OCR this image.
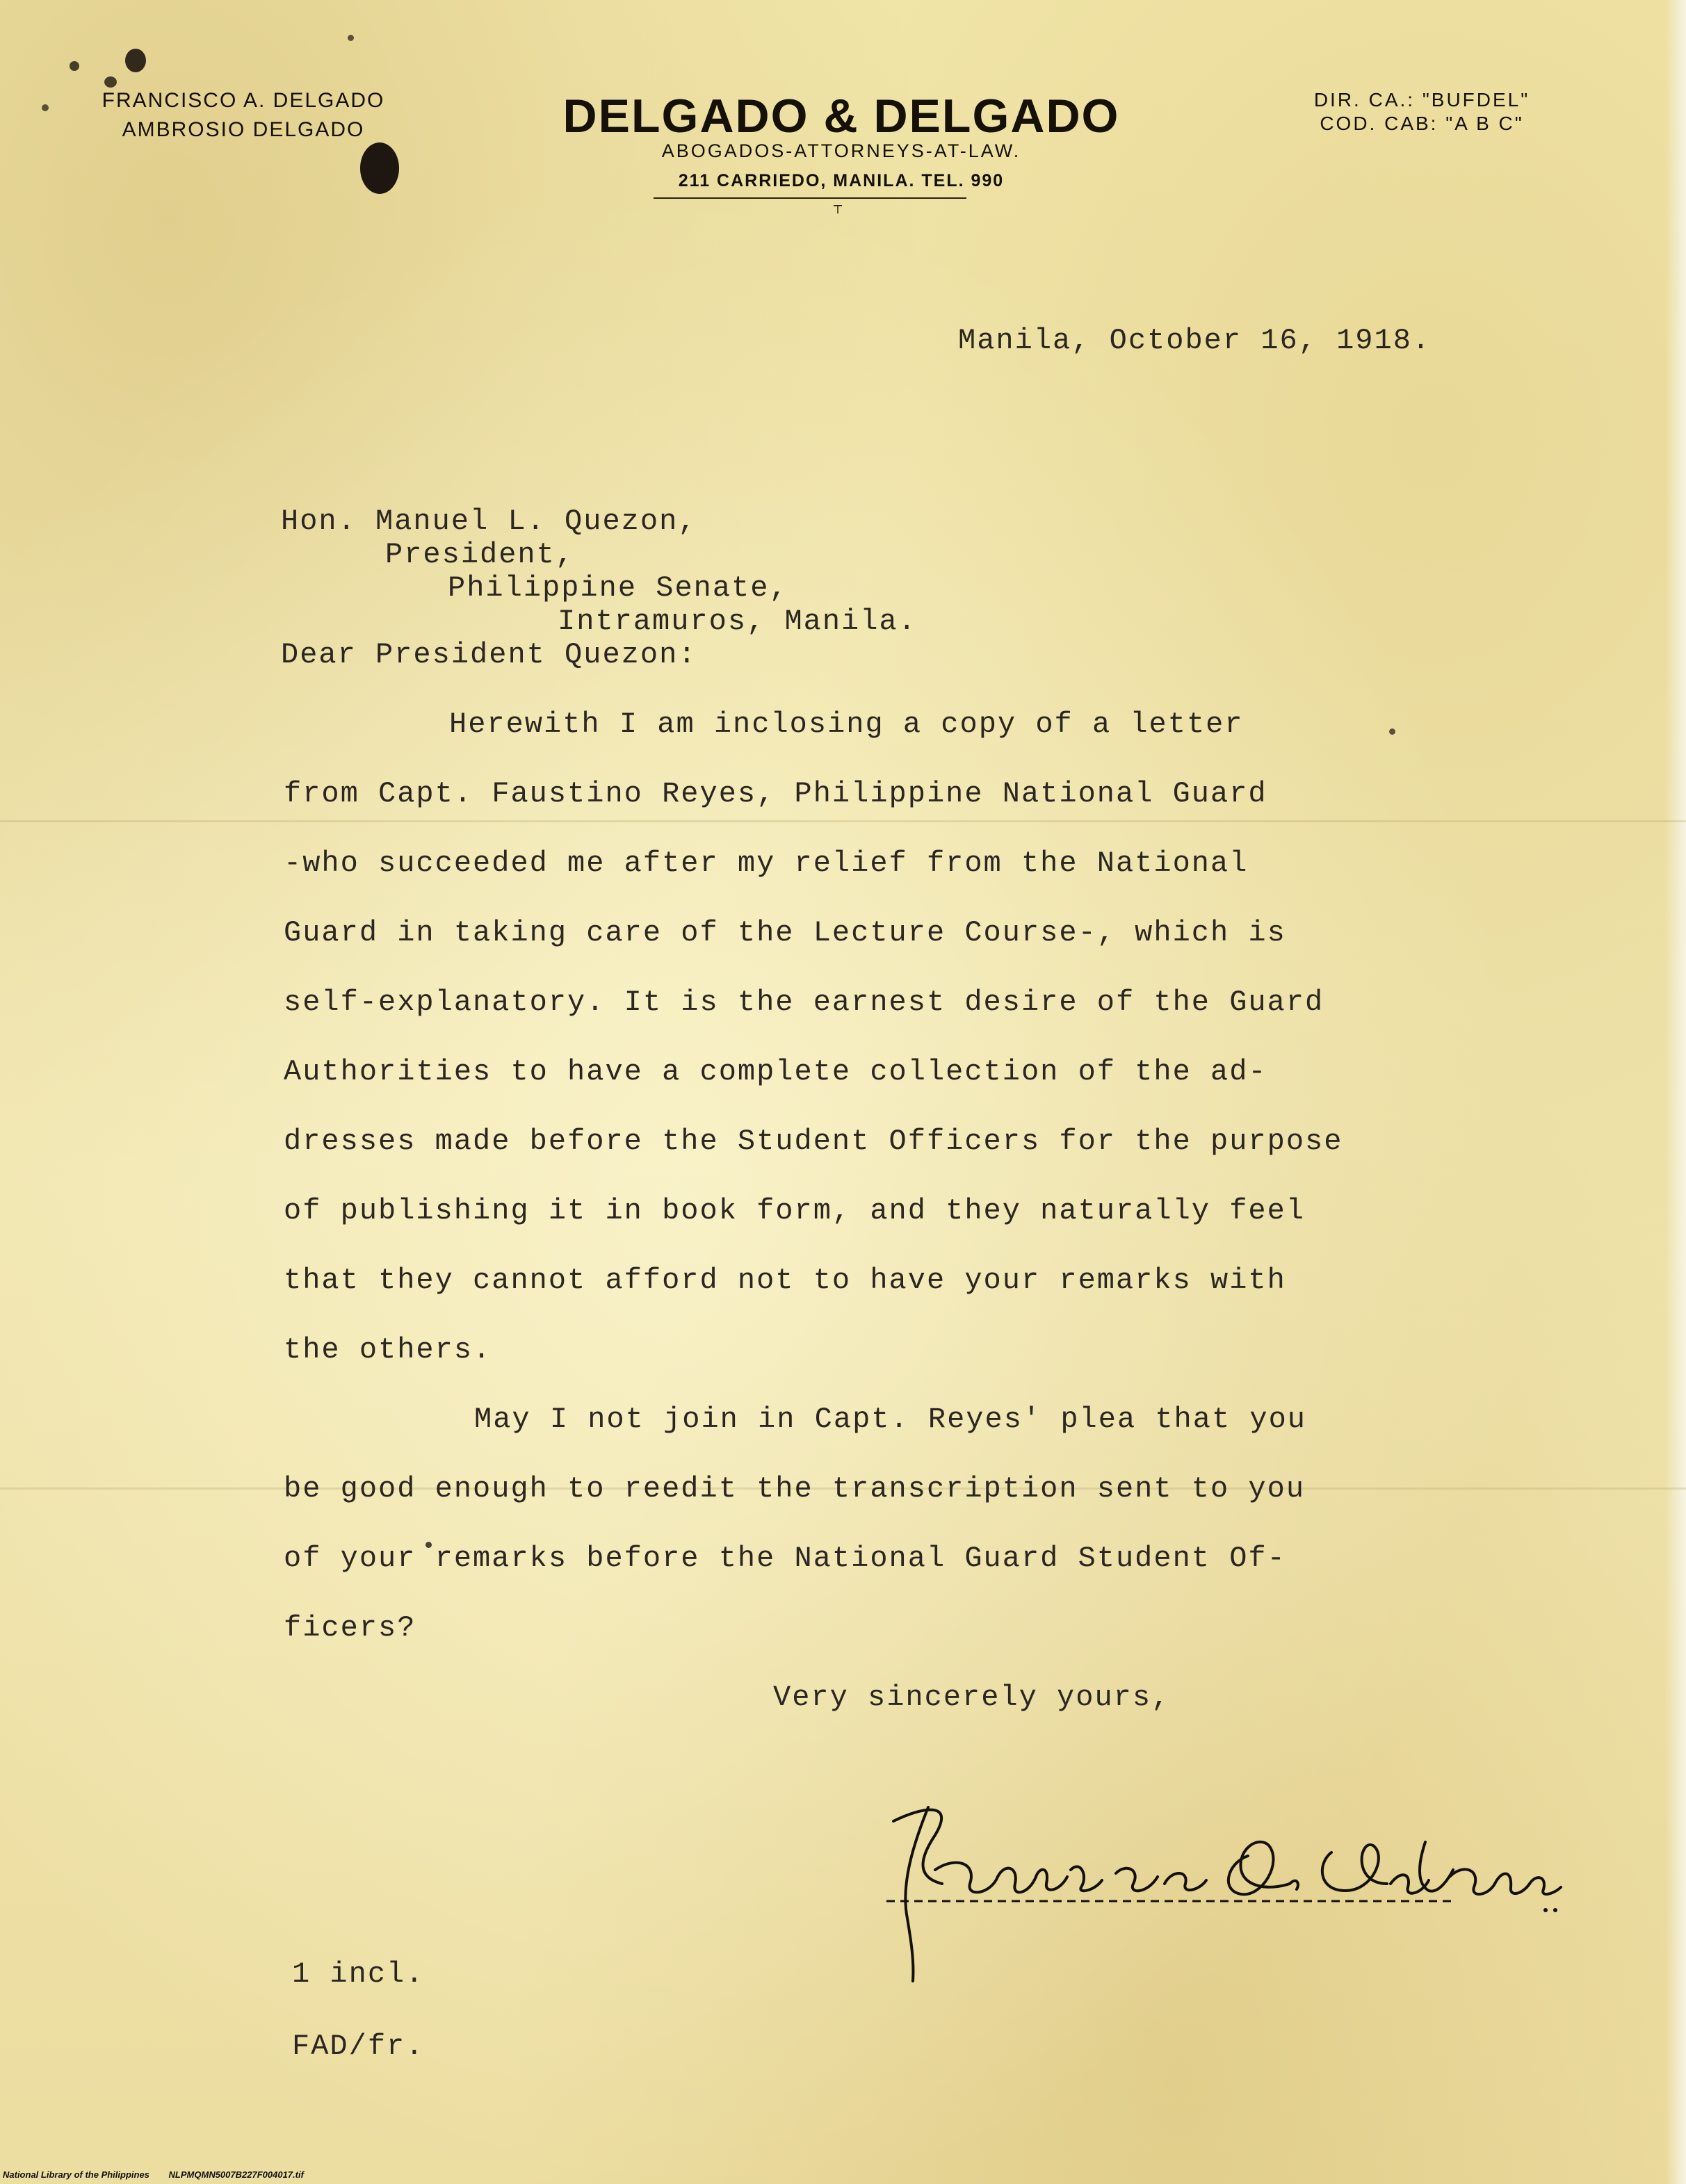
FRANCISCO A. DELGADO
AMBROSIO DELGADO	DELGADO & DELGADO
ABOGADOS-ATTORNEYS-AT-LAW.
211 CARRIEDO, MANILA. TEL. 990
⸆
DIR. CA.: "BUFDEL"
COD. CAB: "A B C"
Manila, October 16, 1918.
Hon. Manuel L. Quezon,
President,
Philippine Senate,
Intramuros, Manila.
Dear President Quezon:
Herewith I am inclosing a copy of a letter
from Capt. Faustino Reyes, Philippine National Guard
-who succeeded me after my relief from the National
Guard in taking care of the Lecture Course-, which is
self-explanatory. It is the earnest desire of the Guard
Authorities to have a complete collection of the ad-
dresses made before the Student Officers for the purpose
of publishing it in book form, and they naturally feel
that they cannot afford not to have your remarks with
the others.
May I not join in Capt. Reyes' plea that you
be good enough to reedit the transcription sent to you
of your remarks before the National Guard Student Of-
ficers?
Very sincerely yours,
1 incl.
FAD/fr.
National Library of the Philippines NLPMQMN5007B227F004017.tif
